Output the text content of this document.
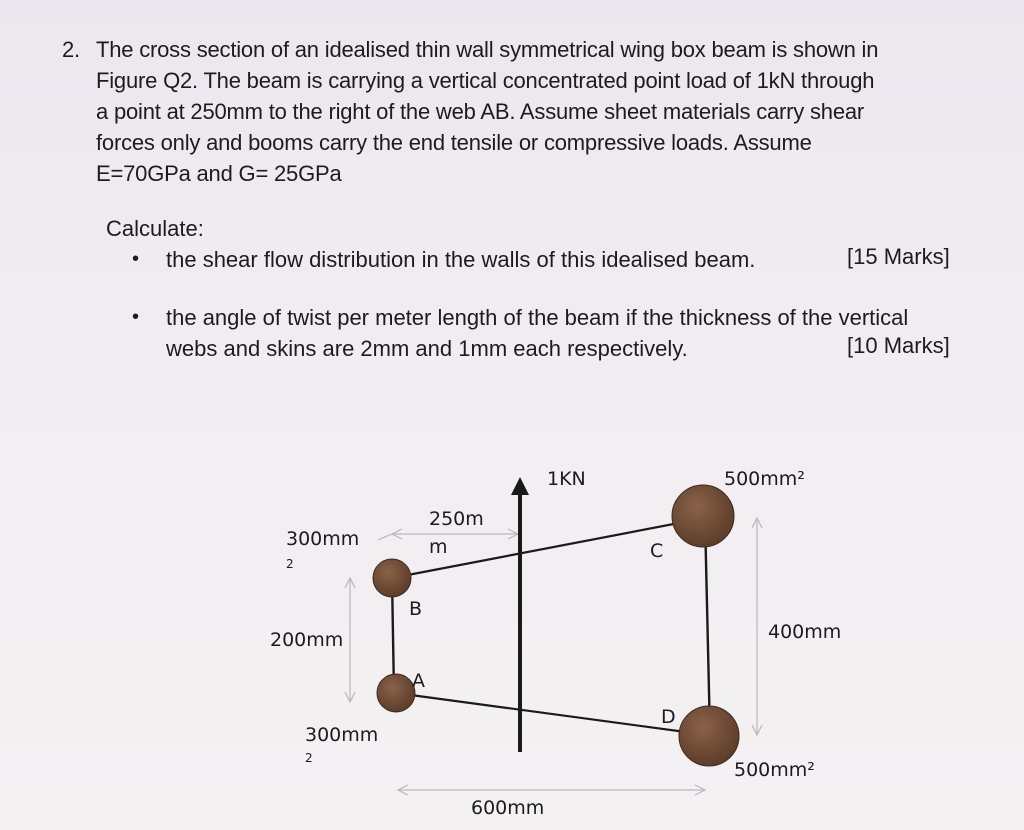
2. The cross section of an idealised thin wall symmetrical wing box beam is shown in
Figure Q2. The beam is carrying a vertical concentrated point load of 1kN through
a point at 250mm to the right of the web AB. Assume sheet materials carry shear
forces only and booms carry the end tensile or compressive loads. Assume
E=70GPa and G= 25GPa
Calculate:
•	the shear flow distribution in the walls of this idealised beam.	[15 Marks]
•	the angle of twist per meter length of the beam if the thickness of the vertical
webs and skins are 2mm and 1mm each respectively.	[10 Marks]
1KN
250m
m
300mm
2
200mm
300mm
2
500mm²
400mm
500mm²
600mm
B
A
C
D
